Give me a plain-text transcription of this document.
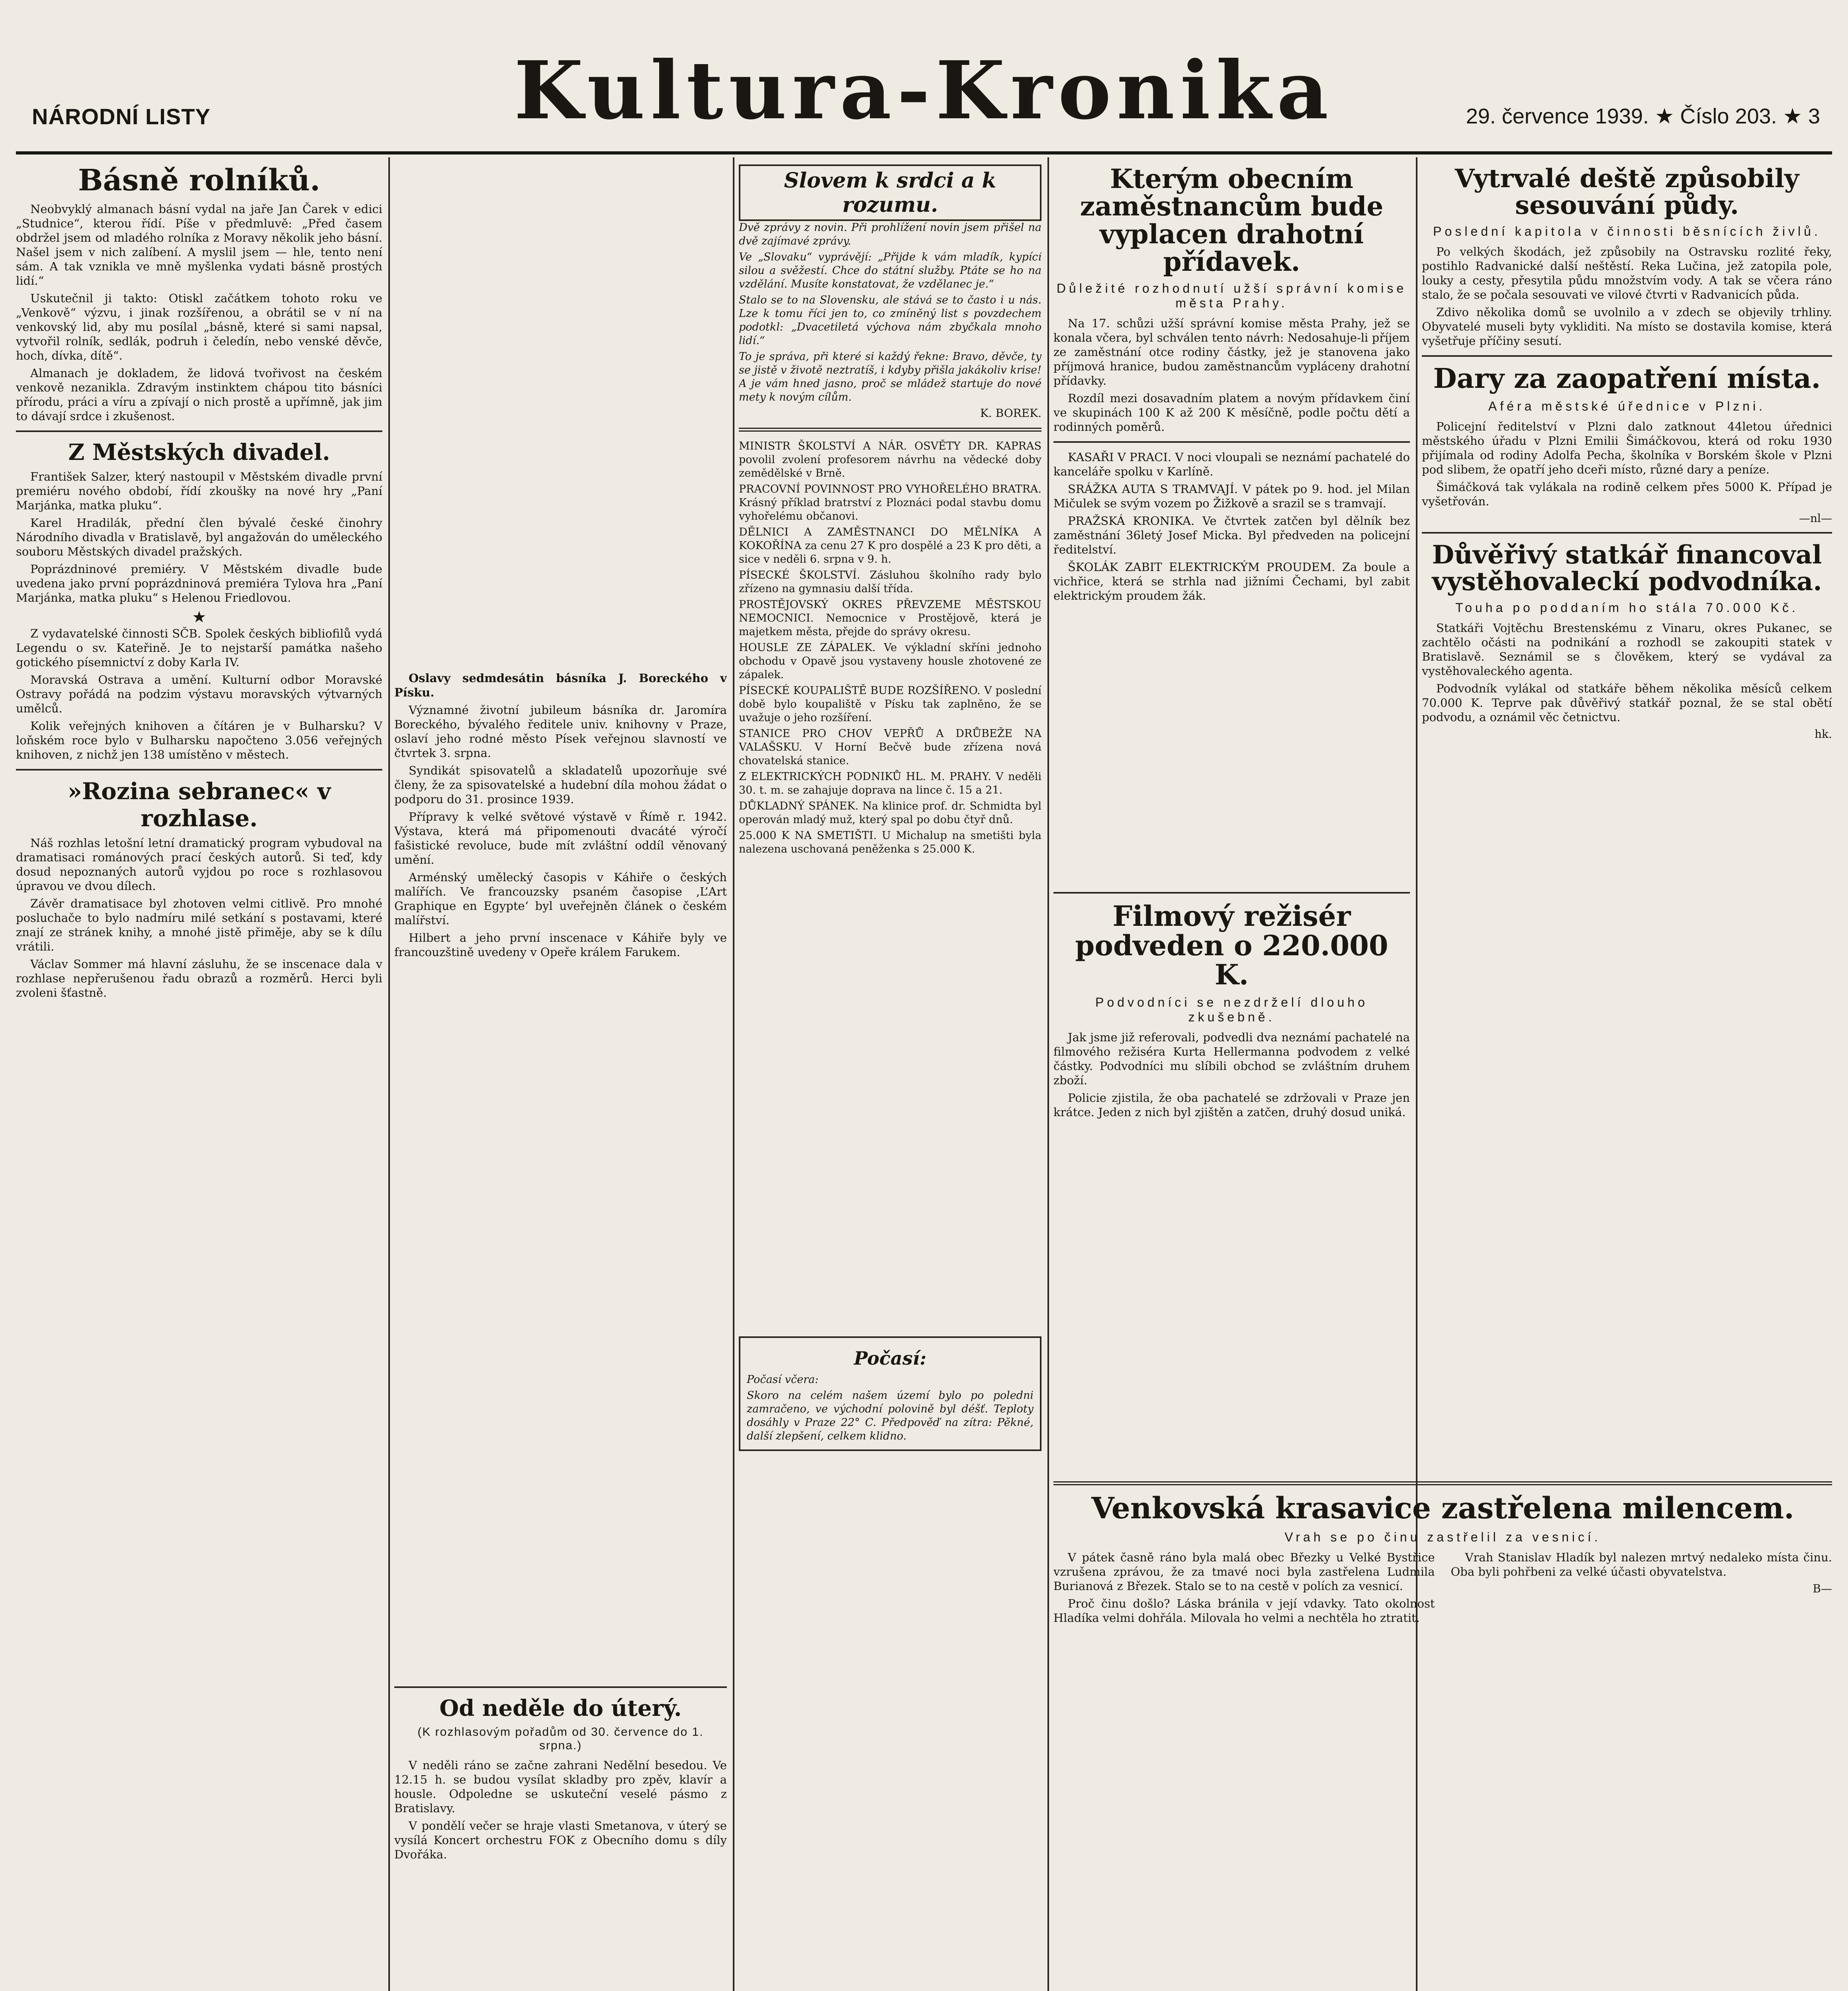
NÁRODNÍ LISTY	Kultura-Kronika	29. července 1939. ★ Číslo 203. ★ 3
Básně rolníků.

Neobvyklý almanach básní vydal na jaře Jan Čarek v edici „Studnice“, kterou řídí. Píše v předmluvě: „Před časem obdržel jsem od mladého rolníka z Moravy několik jeho básní. Našel jsem v nich zalíbení. A myslil jsem — hle, tento není sám. A tak vznikla ve mně myšlenka vydati básně prostých lidí.“

Uskutečnil ji takto: Otiskl začátkem tohoto roku ve „Venkově“ výzvu, i jinak rozšířenou, a obrátil se v ní na venkovský lid, aby mu posílal „básně, které si sami napsal, vytvořil rolník, sedlák, podruh i čeledín, nebo venské děvče, hoch, dívka, dítě“.

Almanach je dokladem, že lidová tvořivost na českém venkově nezanikla. Zdravým instinktem chápou tito básníci přírodu, práci a víru a zpívají o nich prostě a upřímně, jak jim to dávají srdce i zkušenost.

Z Městských divadel.

František Salzer, který nastoupil v Městském divadle první premiéru nového období, řídí zkoušky na nové hry „Paní Marjánka, matka pluku“.

Karel Hradilák, přední člen bývalé české činohry Národního divadla v Bratislavě, byl angažován do uměleckého souboru Městských divadel pražských.

Poprázdninové premiéry. V Městském divadle bude uvedena jako první poprázdninová premiéra Tylova hra „Paní Marjánka, matka pluku“ s Helenou Friedlovou.

★

Z vydavatelské činnosti SČB. Spolek českých bibliofilů vydá Legendu o sv. Kateřině. Je to nejstarší památka našeho gotického písemnictví z doby Karla IV.

Moravská Ostrava a umění. Kulturní odbor Moravské Ostravy pořádá na podzim výstavu moravských výtvarných umělců.

Kolik veřejných knihoven a čítáren je v Bulharsku? V loňském roce bylo v Bulharsku napočteno 3.056 veřejných knihoven, z nichž jen 138 umístěno v městech.

»Rozina sebranec« v rozhlase.

Náš rozhlas letošní letní dramatický program vybudoval na dramatisaci románových prací českých autorů. Si teď, kdy dosud nepoznaných autorů vyjdou po roce s rozhlasovou úpravou ve dvou dílech.

Závěr dramatisace byl zhotoven velmi citlivě. Pro mnohé posluchače to bylo nadmíru milé setkání s postavami, které znají ze stránek knihy, a mnohé jistě přiměje, aby se k dílu vrátili.

Václav Sommer má hlavní zásluhu, že se inscenace dala v rozhlase nepřerušenou řadu obrazů a rozměrů. Herci byli zvoleni šťastně.

Oslavy sedmdesátin básníka J. Boreckého v Písku.

Významné životní jubileum básníka dr. Jaromíra Boreckého, bývalého ředitele univ. knihovny v Praze, oslaví jeho rodné město Písek veřejnou slavností ve čtvrtek 3. srpna.

Syndikát spisovatelů a skladatelů upozorňuje své členy, že za spisovatelské a hudební díla mohou žádat o podporu do 31. prosince 1939.

Přípravy k velké světové výstavě v Římě r. 1942. Výstava, která má připomenouti dvacáté výročí fašistické revoluce, bude mít zvláštní oddíl věnovaný umění.

Arménský umělecký časopis v Káhiře o českých malířích. Ve francouzsky psaném časopise ‚L’Art Graphique en Egypte‘ byl uveřejněn článek o českém malířství.

Hilbert a jeho první inscenace v Káhiře byly ve francouzštině uvedeny v Opeře králem Farukem.

Od neděle do úterý.
(K rozhlasovým pořadům od 30. července do 1. srpna.)

V neděli ráno se začne zahrani Nedělní besedou. Ve 12.15 h. se budou vysílat skladby pro zpěv, klavír a housle. Odpoledne se uskuteční veselé pásmo z Bratislavy.

V pondělí večer se hraje vlasti Smetanova, v úterý se vysílá Koncert orchestru FOK z Obecního domu s díly Dvořáka.

Slovem k srdci a k rozumu.

Dvě zprávy z novin. Při prohlížení novin jsem přišel na dvě zajímavé zprávy.

Ve „Slovaku“ vyprávějí: „Přijde k vám mladík, kypící silou a svěžestí. Chce do státní služby. Ptáte se ho na vzdělání. Musíte konstatovat, že vzdělanec je.“

Stalo se to na Slovensku, ale stává se to často i u nás. Lze k tomu říci jen to, co zmíněný list s povzdechem podotkl: „Dvacetiletá výchova nám zbyčkala mnoho lidí.“

To je správa, při které si každý řekne: Bravo, děvče, ty se jistě v životě neztratíš, i kdyby přišla jakákoliv krise! A je vám hned jasno, proč se mládež startuje do nové mety k novým cílům.

K. BOREK.

MINISTR ŠKOLSTVÍ A NÁR. OSVĚTY DR. KAPRAS povolil zvolení profesorem návrhu na vědecké doby zemědělské v Brně.

PRACOVNÍ POVINNOST PRO VYHOŘELÉHO BRATRA. Krásný příklad bratrství z Ploznáci podal stavbu domu vyhořelému občanovi.

DĚLNICI A ZAMĚSTNANCI DO MĚLNÍKA A KOKOŘÍNA za cenu 27 K pro dospělé a 23 K pro děti, a sice v neděli 6. srpna v 9. h.

PÍSECKÉ ŠKOLSTVÍ. Zásluhou školního rady bylo zřízeno na gymnasiu další třída.

PROSTĚJOVSKÝ OKRES PŘEVZEME MĚSTSKOU NEMOCNICI. Nemocnice v Prostějově, která je majetkem města, přejde do správy okresu.

HOUSLE ZE ZÁPALEK. Ve výkladní skříni jednoho obchodu v Opavě jsou vystaveny housle zhotovené ze zápalek.

PÍSECKÉ KOUPALIŠTĚ BUDE ROZŠÍŘENO. V poslední době bylo koupaliště v Písku tak zaplněno, že se uvažuje o jeho rozšíření.

STANICE PRO CHOV VEPŘŮ A DRŮBEŽE NA VALAŠSKU. V Horní Bečvě bude zřízena nová chovatelská stanice.

Z ELEKTRICKÝCH PODNIKŮ HL. M. PRAHY. V neděli 30. t. m. se zahajuje doprava na lince č. 15 a 21.

DŮKLADNÝ SPÁNEK. Na klinice prof. dr. Schmidta byl operován mladý muž, který spal po dobu čtyř dnů.

25.000 K NA SMETIŠTI. U Michalup na smetišti byla nalezena uschovaná peněženka s 25.000 K.

Počasí:

Počasí včera:

Skoro na celém našem území bylo po poledni zamračeno, ve východní polovině byl déšť. Teploty dosáhly v Praze 22° C. Předpověď na zítra: Pěkné, další zlepšení, celkem klidno.

Kterým obecním zaměstnancům bude vyplacen drahotní přídavek.
Důležité rozhodnutí užší správní komise města Prahy.

Na 17. schůzi užší správní komise města Prahy, jež se konala včera, byl schválen tento návrh: Nedosahuje-li příjem ze zaměstnání otce rodiny částky, jež je stanovena jako příjmová hranice, budou zaměstnancům vypláceny drahotní přídavky.

Rozdíl mezi dosavadním platem a novým přídavkem činí ve skupinách 100 K až 200 K měsíčně, podle počtu dětí a rodinných poměrů.

KASAŘI V PRACI. V noci vloupali se neznámí pachatelé do kanceláře spolku v Karlíně.

SRÁŽKA AUTA S TRAMVAJÍ. V pátek po 9. hod. jel Milan Mičulek se svým vozem po Žižkově a srazil se s tramvají.

PRAŽSKÁ KRONIKA. Ve čtvrtek zatčen byl dělník bez zaměstnání 36letý Josef Micka. Byl předveden na policejní ředitelství.

ŠKOLÁK ZABIT ELEKTRICKÝM PROUDEM. Za boule a vichřice, která se strhla nad jižními Čechami, byl zabit elektrickým proudem žák.

Filmový režisér podveden o 220.000 K.
Podvodníci se nezdrželí dlouho zkušebně.

Jak jsme již referovali, podvedli dva neznámí pachatelé na filmového režiséra Kurta Hellermanna podvodem z velké částky. Podvodníci mu slíbili obchod se zvláštním druhem zboží.

Policie zjistila, že oba pachatelé se zdržovali v Praze jen krátce. Jeden z nich byl zjištěn a zatčen, druhý dosud uniká.

Vytrvalé deště způsobily sesouvání půdy.
Poslední kapitola v činnosti běsnících živlů.

Po velkých škodách, jež způsobily na Ostravsku rozlité řeky, postihlo Radvanické další neštěstí. Reka Lučina, jež zatopila pole, louky a cesty, přesytila půdu množstvím vody. A tak se včera ráno stalo, že se počala sesouvati ve vilové čtvrti v Radvanicích půda.

Zdivo několika domů se uvolnilo a v zdech se objevily trhliny. Obyvatelé museli byty vykliditi. Na místo se dostavila komise, která vyšetřuje příčiny sesutí.

Dary za zaopatření místa.
Aféra městské úřednice v Plzni.

Policejní ředitelství v Plzni dalo zatknout 44letou úřednici městského úřadu v Plzni Emilii Šimáčkovou, která od roku 1930 přijímala od rodiny Adolfa Pecha, školníka v Borském škole v Plzni pod slibem, že opatří jeho dceři místo, různé dary a peníze.

Šimáčková tak vylákala na rodině celkem přes 5000 K. Případ je vyšetřován.

—nl—
Důvěřivý statkář financoval vystěhovaleckí podvodníka.
Touha po poddaním ho stála 70.000 Kč.

Statkáři Vojtěchu Brestenskému z Vinaru, okres Pukanec, se zachtělo očásti na podnikání a rozhodl se zakoupiti statek v Bratislavě. Seznámil se s člověkem, který se vydával za vystěhovaleckého agenta.

Podvodník vylákal od statkáře během několika měsíců celkem 70.000 K. Teprve pak důvěřivý statkář poznal, že se stal obětí podvodu, a oznámil věc četnictvu.

hk.
Venkovská krasavice zastřelena milencem.
Vrah se po činu zastřelil za vesnicí.

V pátek časně ráno byla malá obec Březky u Velké Bystřice vzrušena zprávou, že za tmavé noci byla zastřelena Ludmila Burianová z Březek. Stalo se to na cestě v polích za vesnicí.

Proč činu došlo? Láska bránila v její vdavky. Tato okolnost Hladíka velmi dohřála. Milovala ho velmi a nechtěla ho ztratit.

Vrah Stanislav Hladík byl nalezen mrtvý nedaleko místa činu. Oba byli pohřbeni za velké účasti obyvatelstva.

B—
